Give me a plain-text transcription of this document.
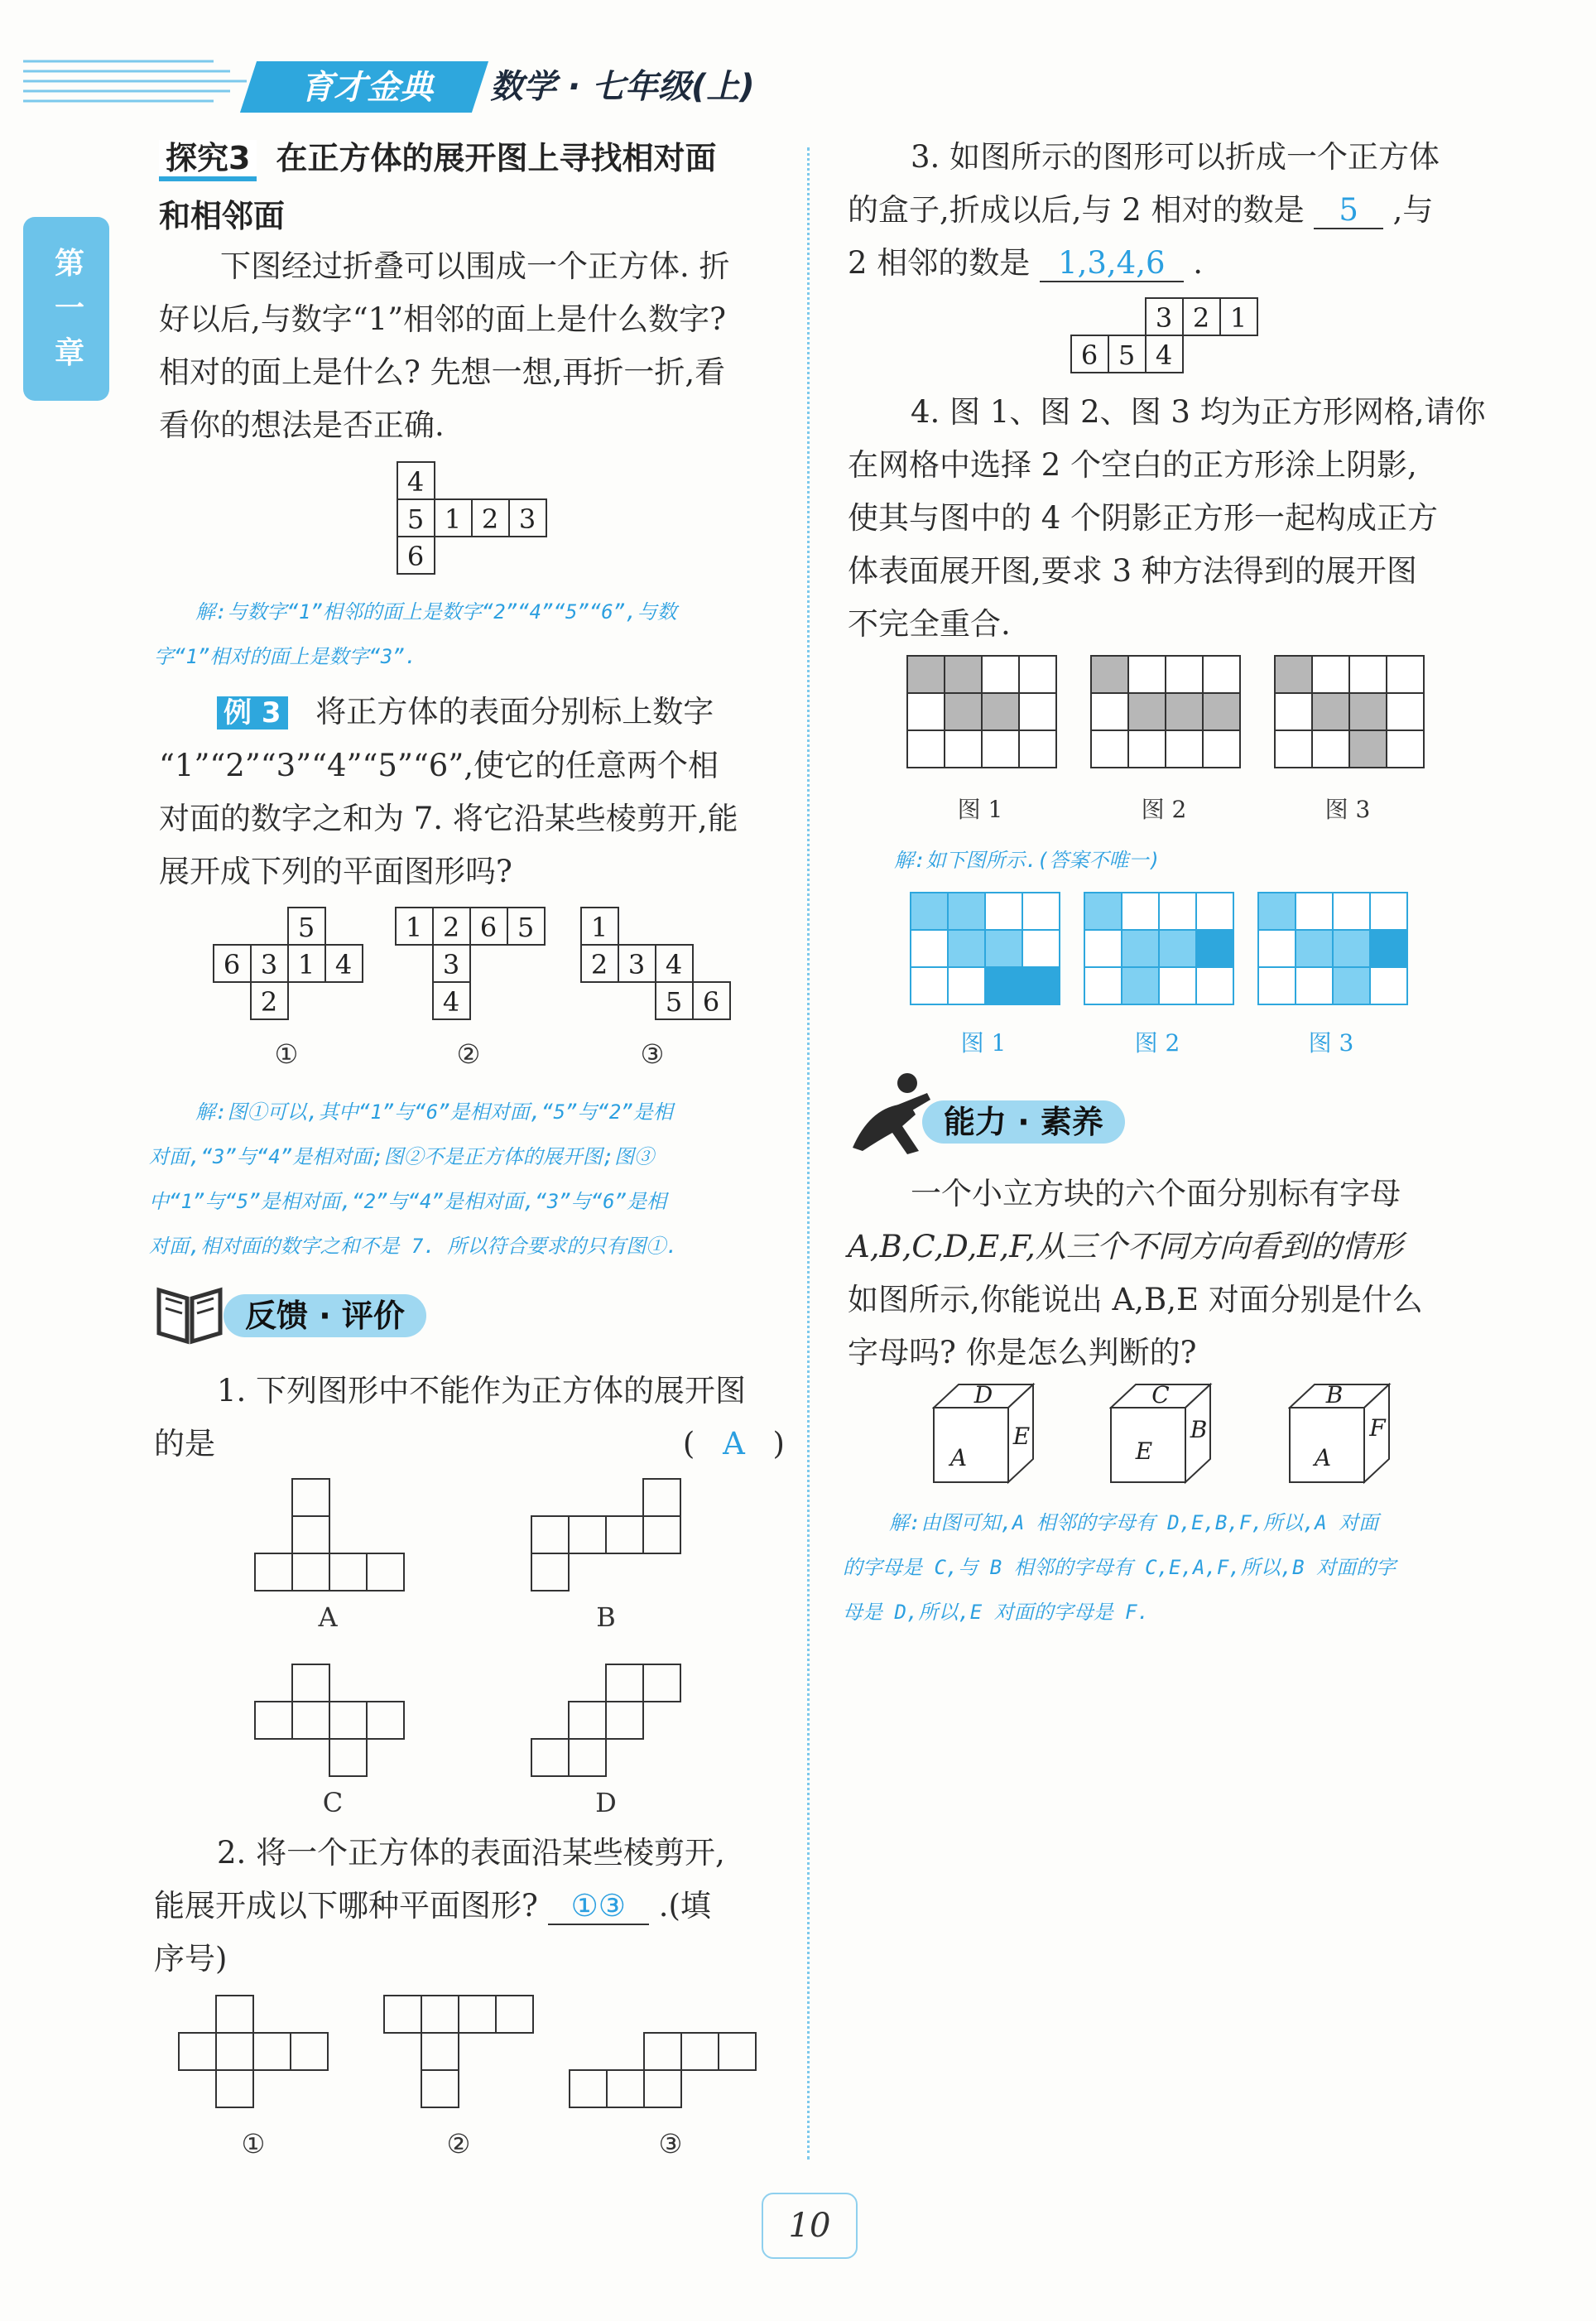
育才金典	数学 · 七年级(上)
第一章
探究3 在正方体的展开图上寻找相对面
和相邻面
下图经过折叠可以围成一个正方体. 折
好以后,与数字“1”相邻的面上是什么数字?
相对的面上是什么? 先想一想,再折一折,看
看你的想法是否正确.
4
5 1 2 3
6
解:与数字“1”相邻的面上是数字“2”“4”“5”“6”,与数
字“1”相对的面上是数字“3”.
例 3 将正方体的表面分别标上数字
“1”“2”“3”“4”“5”“6”,使它的任意两个相
对面的数字之和为 7. 将它沿某些棱剪开,能
展开成下列的平面图形吗?
5
6 3 1 4
2
1 2 6 5
3
4
1
2 3 4
5 6
①	②	③
解:图①可以,其中“1”与“6”是相对面,“5”与“2”是相
对面,“3”与“4”是相对面;图②不是正方体的展开图;图③
中“1”与“5”是相对面,“2”与“4”是相对面,“3”与“6”是相
对面,相对面的数字之和不是 7. 所以符合要求的只有图①.
反馈 · 评价
1. 下列图形中不能作为正方体的展开图
的是	( A )
A	B
C	D
2. 将一个正方体的表面沿某些棱剪开,
能展开成以下哪种平面图形? ①③ .(填
序号)
①	②	③
3. 如图所示的图形可以折成一个正方体
的盒子,折成以后,与 2 相对的数是 5 ,与
2 相邻的数是 1,3,4,6 .
3 2 1
6 5 4
4. 图 1、图 2、图 3 均为正方形网格,请你
在网格中选择 2 个空白的正方形涂上阴影,
使其与图中的 4 个阴影正方形一起构成正方
体表面展开图,要求 3 种方法得到的展开图
不完全重合.
图 1	图 2	图 3
解:如下图所示.(答案不唯一)
图 1	图 2	图 3
能力 · 素养
一个小立方块的六个面分别标有字母
A,B,C,D,E,F,从三个不同方向看到的情形
如图所示,你能说出 A,B,E 对面分别是什么
字母吗? 你是怎么判断的?
D
A
E
C
E
B
B
A
F
解:由图可知,A 相邻的字母有 D,E,B,F,所以,A 对面
的字母是 C,与 B 相邻的字母有 C,E,A,F,所以,B 对面的字
母是 D,所以,E 对面的字母是 F.
10
